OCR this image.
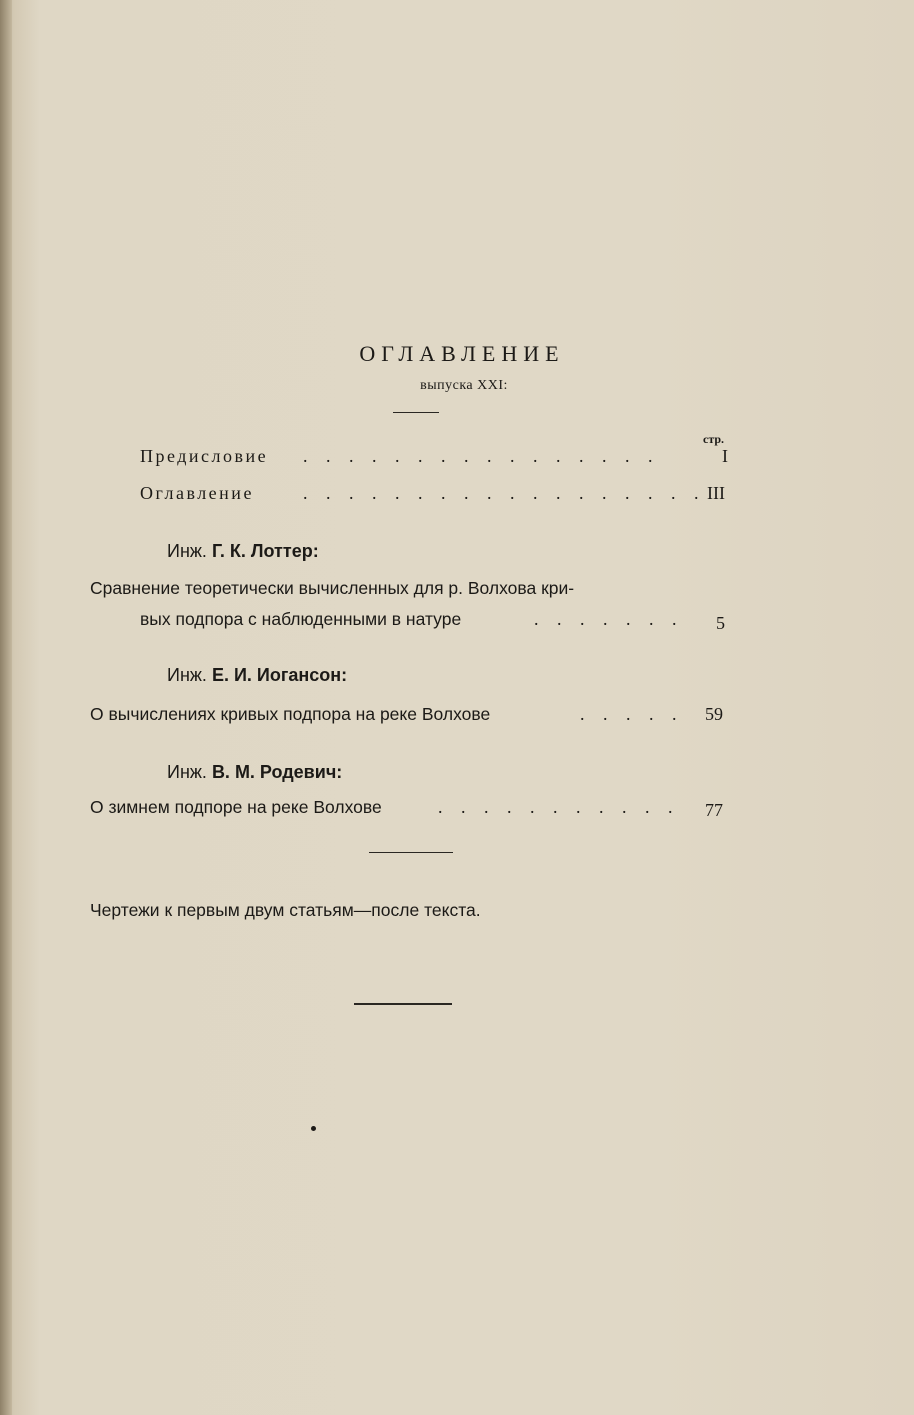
ОГЛАВЛЕНИЕ
выпуска XXI:
стр.
Предисловие . . . . . . . . . . . . . . . .	I
Оглавление	. . . . . . . . . . . . . . . . . . III
Инж. Г. К. Лоттер:
Сравнение теоретически вычисленных для р. Волхова кри-
вых подпора с наблюденными в натуре	. . . . . . . 5
Инж. Е. И. Иогансон:
О вычислениях кривых подпора на реке Волхове	. . . . . 59
Инж. В. М. Родевич:
О зимнем подпоре на реке Волхове	. . . . . . . . . . . 77
Чертежи к первым двум статьям—после текста.
